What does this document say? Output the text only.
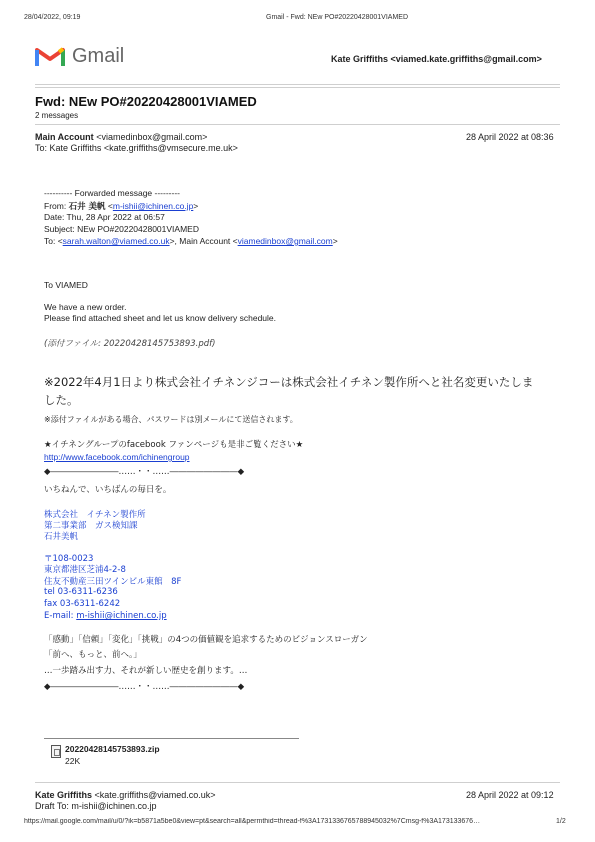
28/04/2022, 09:19	Gmail - Fwd: NEw PO#20220428001VIAMED
Gmail	Kate Griffiths <viamed.kate.griffiths@gmail.com>
Fwd: NEw PO#20220428001VIAMED
2 messages
Main Account <viamedinbox@gmail.com>	28 April 2022 at 08:36
To: Kate Griffiths <kate.griffiths@vmsecure.me.uk>
---------- Forwarded message ---------
From: 石井 美帆 <m-ishii@ichinen.co.jp>
Date: Thu, 28 Apr 2022 at 06:57
Subject: NEw PO#20220428001VIAMED
To: <sarah.walton@viamed.co.uk>, Main Account <viamedinbox@gmail.com>
To VIAMED
We have a new order.
Please find attached sheet and let us know delivery schedule.
(添付ファイル: 20220428145753893.pdf)
※2022年4月1日より株式会社イチネンジコーは株式会社イチネン製作所へと社名変更いたしま
した。
※添付ファイルがある場合、パスワードは別メールにて送信されます。
★イチネングループのfacebook ファンページも是非ご覧ください★
http://www.facebook.com/ichinengroup
◆――――――――‥‥‥・・‥‥‥――――――――◆
いちねんで、いちばんの毎日を。
株式会社　イチネン製作所
第二事業部　ガス検知課
石井美帆
〒108-0023
東京都港区芝浦4-2-8
住友不動産三田ツインビル東館　8F
tel 03-6311-6236
fax 03-6311-6242
E-mail: m-ishii@ichinen.co.jp
「感動」「信頼」「変化」「挑戦」の4つの価値観を追求するためのビジョンスローガン
「前へ、もっと、前へ。」
…一歩踏み出す力、それが新しい歴史を創ります。…
◆――――――――‥‥‥・・‥‥‥――――――――◆
20220428145753893.zip
22K
Kate Griffiths <kate.griffiths@viamed.co.uk>	28 April 2022 at 09:12
Draft To: m-ishii@ichinen.co.jp
https://mail.google.com/mail/u/0/?ik=b5871a5be0&view=pt&search=all&permthid=thread-f%3A1731336765788945032%7Cmsg-f%3A173133676…	1/2
